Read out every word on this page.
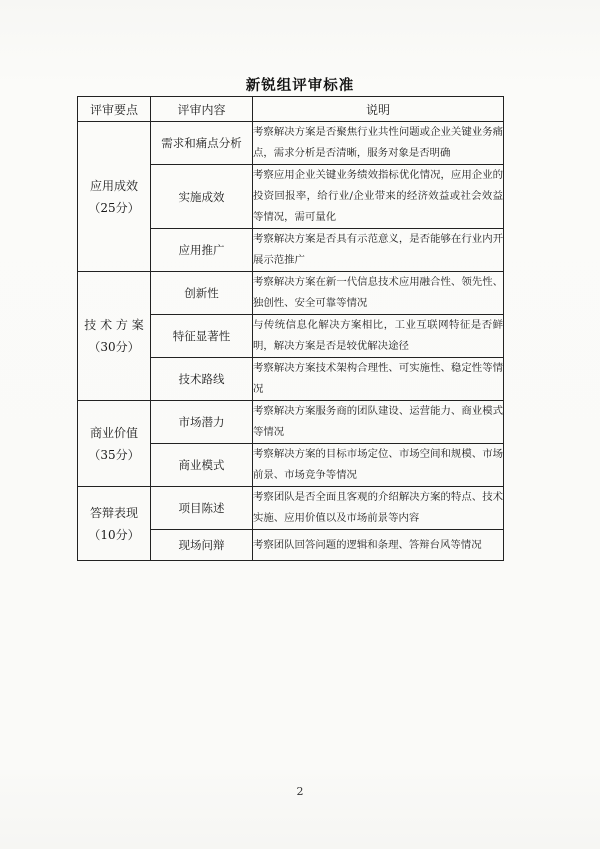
新锐组评审标准
评审要点	评审内容	说明

应用成效
（25分）	需求和痛点分析	考察解决方案是否聚焦行业共性问题或企业关键业务痛点，需求分析是否清晰，服务对象是否明确
	实施成效	考察应用企业关键业务绩效指标优化情况，应用企业的投资回报率，给行业/企业带来的经济效益或社会效益等情况，需可量化
	应用推广	考察解决方案是否具有示范意义，是否能够在行业内开展示范推广

技 术 方 案
（30分）	创新性	考察解决方案在新一代信息技术应用融合性、领先性、独创性、安全可靠等情况
	特征显著性	与传统信息化解决方案相比，工业互联网特征是否鲜明，解决方案是否是较优解决途径
	技术路线	考察解决方案技术架构合理性、可实施性、稳定性等情况

商业价值
（35分）	市场潜力	考察解决方案服务商的团队建设、运营能力、商业模式等情况
	商业模式	考察解决方案的目标市场定位、市场空间和规模、市场前景、市场竞争等情况

答辩表现
（10分）	项目陈述	考察团队是否全面且客观的介绍解决方案的特点、技术实施、应用价值以及市场前景等内容
	现场问辩	考察团队回答问题的逻辑和条理、答辩台风等情况
2
